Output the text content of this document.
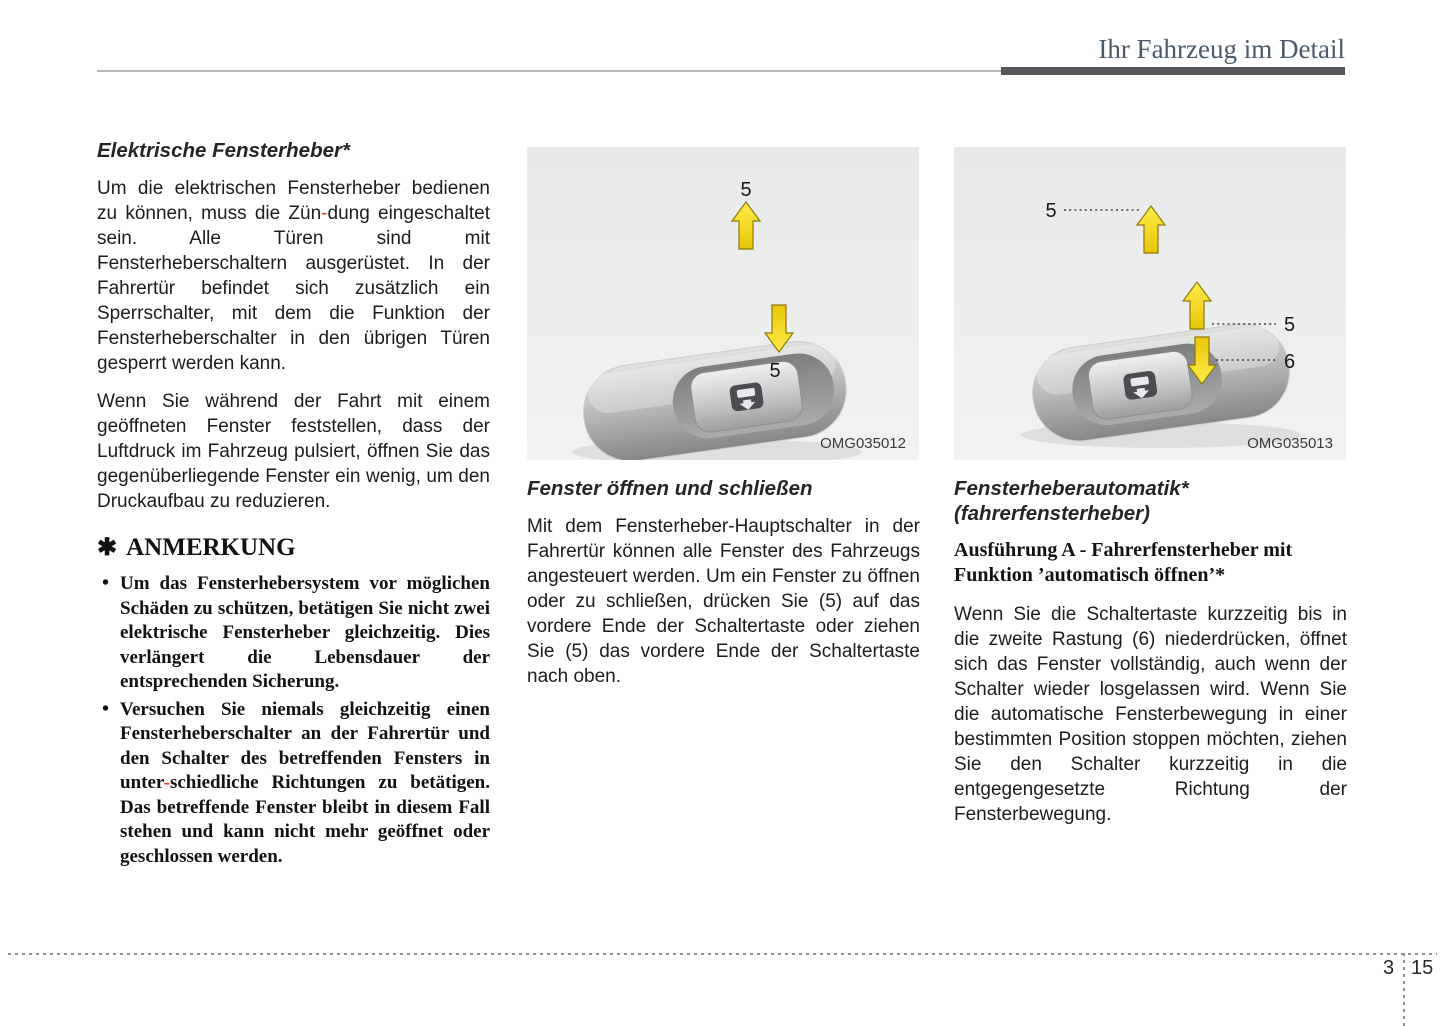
Ihr Fahrzeug im Detail
Elektrische Fensterheber*

Um die elektrischen Fensterheber bedienen zu können, muss die Zün-dung eingeschaltet sein. Alle Türen sind mit Fensterheberschaltern ausgerüstet. In der Fahrertür befindet sich zusätzlich ein Sperrschalter, mit dem die Funktion der Fensterheberschalter in den übrigen Türen gesperrt werden kann.

Wenn Sie während der Fahrt mit einem geöffneten Fenster feststellen, dass der Luftdruck im Fahrzeug pulsiert, öffnen Sie das gegenüberliegende Fenster ein wenig, um den Druckaufbau zu reduzieren.

✱ ANMERKUNG
• Um das Fensterhebersystem vor möglichen Schäden zu schützen, betätigen Sie nicht zwei elektrische Fensterheber gleichzeitig. Dies verlängert die Lebensdauer der entsprechenden Sicherung.
• Versuchen Sie niemals gleichzeitig einen Fensterheberschalter an der Fahrertür und den Schalter des betreffenden Fensters in unter-schiedliche Richtungen zu betätigen. Das betreffende Fenster bleibt in diesem Fall stehen und kann nicht mehr geöffnet oder geschlossen werden.
5
5
OMG035012
Fenster öffnen und schließen

Mit dem Fensterheber-Hauptschalter in der Fahrertür können alle Fenster des Fahrzeugs angesteuert werden. Um ein Fenster zu öffnen oder zu schließen, drücken Sie (5) auf das vordere Ende der Schaltertaste oder ziehen Sie (5) das vordere Ende der Schaltertaste nach oben.

5
5
6
OMG035013
Fensterheberautomatik*
(fahrerfensterheber)
Ausführung A - Fahrerfensterheber mit Funktion ’automatisch öffnen’*

Wenn Sie die Schaltertaste kurzzeitig bis in die zweite Rastung (6) niederdrücken, öffnet sich das Fenster vollständig, auch wenn der Schalter wieder losgelassen wird. Wenn Sie die automatische Fensterbewegung in einer bestimmten Position stoppen möchten, ziehen Sie den Schalter kurzzeitig in die entgegengesetzte Richtung der Fensterbewegung.

3 15
